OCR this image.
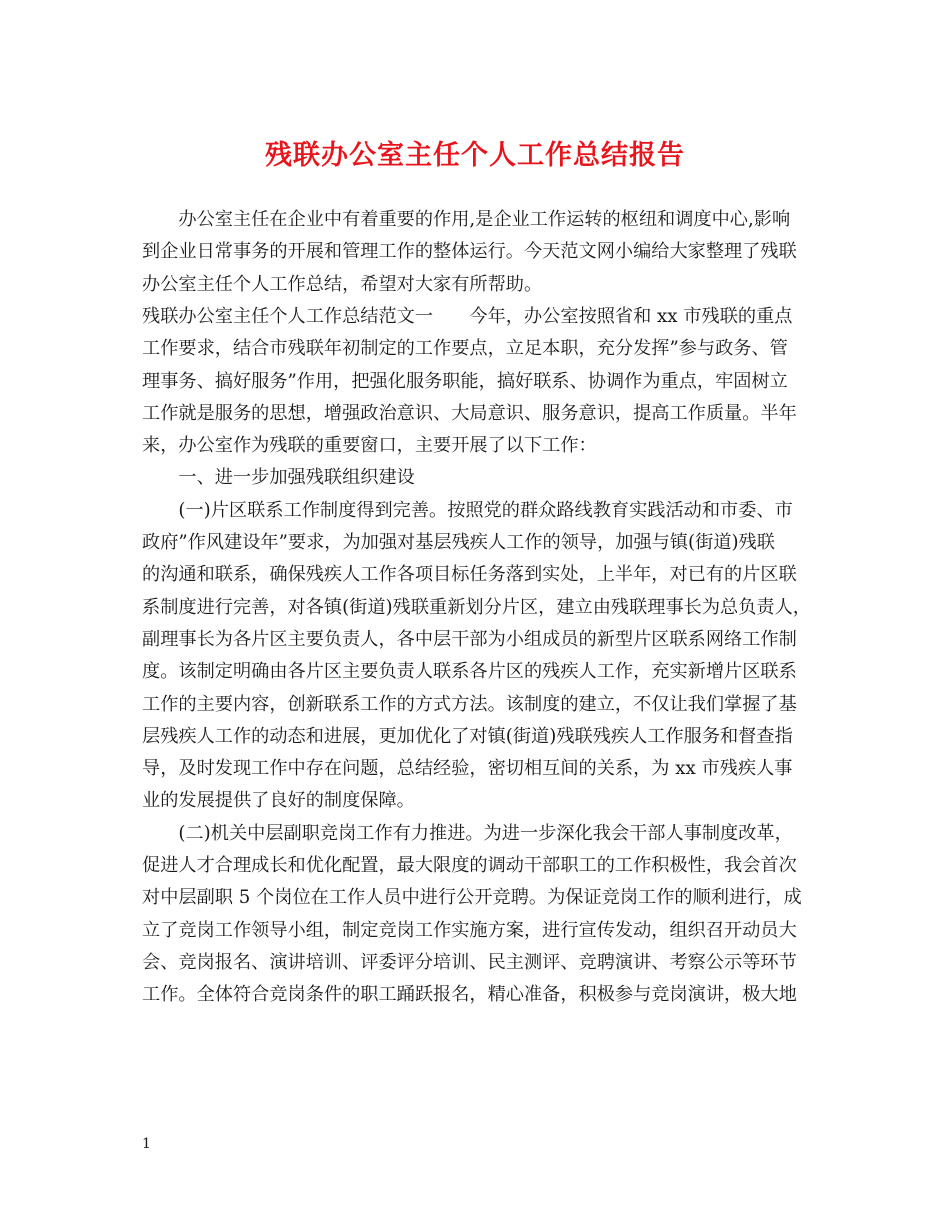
残联办公室主任个人工作总结报告
　　办公室主任在企业中有着重要的作用,是企业工作运转的枢纽和调度中心,影响
到企业日常事务的开展和管理工作的整体运行。今天范文网小编给大家整理了残联
办公室主任个人工作总结，希望对大家有所帮助。
残联办公室主任个人工作总结范文一　　今年，办公室按照省和 xx 市残联的重点
工作要求，结合市残联年初制定的工作要点，立足本职，充分发挥”参与政务、管
理事务、搞好服务”作用，把强化服务职能，搞好联系、协调作为重点，牢固树立
工作就是服务的思想，增强政治意识、大局意识、服务意识，提高工作质量。半年
来，办公室作为残联的重要窗口，主要开展了以下工作：
　　一、进一步加强残联组织建设
　　(一)片区联系工作制度得到完善。按照党的群众路线教育实践活动和市委、市
政府”作风建设年”要求，为加强对基层残疾人工作的领导，加强与镇(街道)残联
的沟通和联系，确保残疾人工作各项目标任务落到实处，上半年，对已有的片区联
系制度进行完善，对各镇(街道)残联重新划分片区，建立由残联理事长为总负责人，
副理事长为各片区主要负责人，各中层干部为小组成员的新型片区联系网络工作制
度。该制定明确由各片区主要负责人联系各片区的残疾人工作，充实新增片区联系
工作的主要内容，创新联系工作的方式方法。该制度的建立，不仅让我们掌握了基
层残疾人工作的动态和进展，更加优化了对镇(街道)残联残疾人工作服务和督查指
导，及时发现工作中存在问题，总结经验，密切相互间的关系，为 xx 市残疾人事
业的发展提供了良好的制度保障。
　　(二)机关中层副职竞岗工作有力推进。为进一步深化我会干部人事制度改革，
促进人才合理成长和优化配置，最大限度的调动干部职工的工作积极性，我会首次
对中层副职 5 个岗位在工作人员中进行公开竞聘。为保证竞岗工作的顺利进行，成
立了竞岗工作领导小组，制定竞岗工作实施方案，进行宣传发动，组织召开动员大
会、竞岗报名、演讲培训、评委评分培训、民主测评、竞聘演讲、考察公示等环节
工作。全体符合竞岗条件的职工踊跃报名，精心准备，积极参与竞岗演讲，极大地
1
